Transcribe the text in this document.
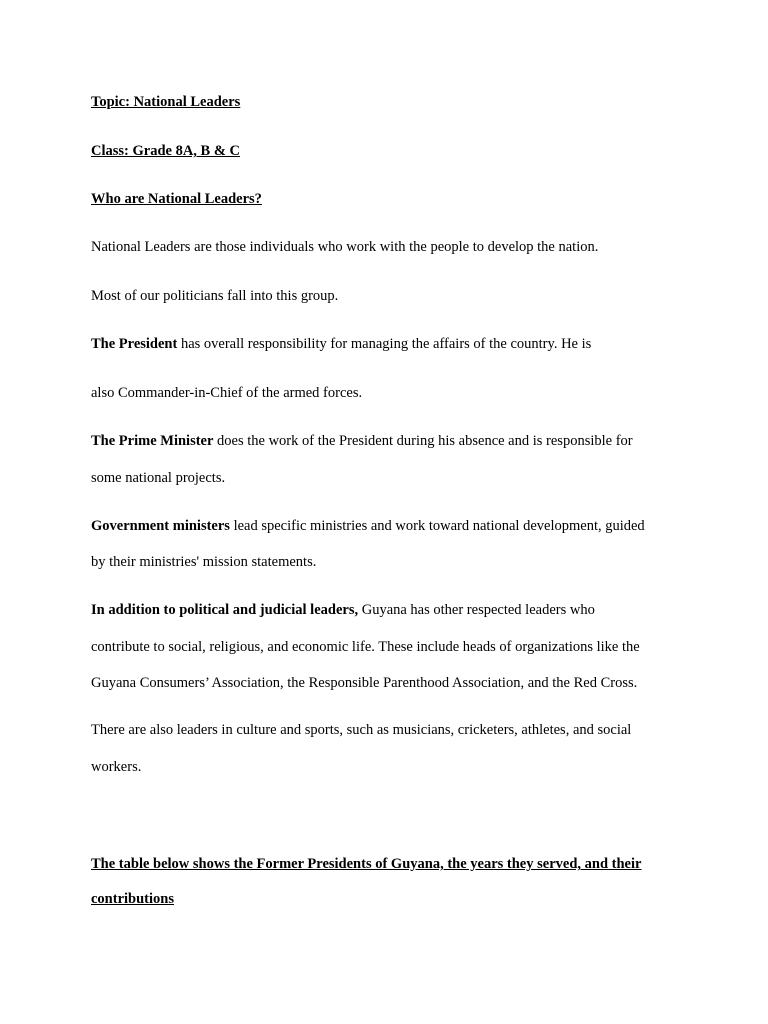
Topic: National Leaders
Class: Grade 8A, B & C
Who are National Leaders?
National Leaders are those individuals who work with the people to develop the nation.
Most of our politicians fall into this group.
The President has overall responsibility for managing the affairs of the country. He is
also Commander-in-Chief of the armed forces.
The Prime Minister does the work of the President during his absence and is responsible for
some national projects.
Government ministers lead specific ministries and work toward national development, guided
by their ministries' mission statements.
In addition to political and judicial leaders, Guyana has other respected leaders who
contribute to social, religious, and economic life. These include heads of organizations like the
Guyana Consumers’ Association, the Responsible Parenthood Association, and the Red Cross.
There are also leaders in culture and sports, such as musicians, cricketers, athletes, and social
workers.
The table below shows the Former Presidents of Guyana, the years they served, and their
contributions
